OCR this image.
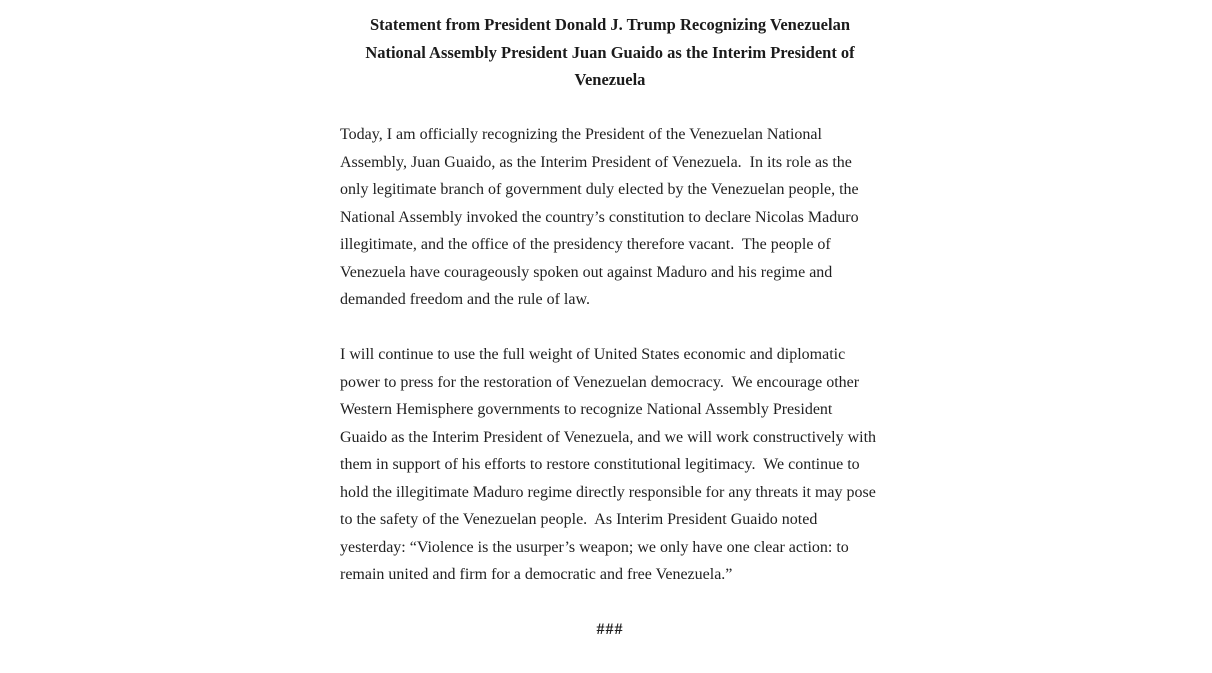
Statement from President Donald J. Trump Recognizing Venezuelan National Assembly President Juan Guaido as the Interim President of Venezuela

Today, I am officially recognizing the President of the Venezuelan National Assembly, Juan Guaido, as the Interim President of Venezuela.  In its role as the only legitimate branch of government duly elected by the Venezuelan people, the National Assembly invoked the country’s constitution to declare Nicolas Maduro illegitimate, and the office of the presidency therefore vacant.  The people of Venezuela have courageously spoken out against Maduro and his regime and demanded freedom and the rule of law.

I will continue to use the full weight of United States economic and diplomatic power to press for the restoration of Venezuelan democracy.  We encourage other Western Hemisphere governments to recognize National Assembly President Guaido as the Interim President of Venezuela, and we will work constructively with them in support of his efforts to restore constitutional legitimacy.  We continue to hold the illegitimate Maduro regime directly responsible for any threats it may pose to the safety of the Venezuelan people.  As Interim President Guaido noted yesterday: “Violence is the usurper’s weapon; we only have one clear action: to remain united and firm for a democratic and free Venezuela.”

###
